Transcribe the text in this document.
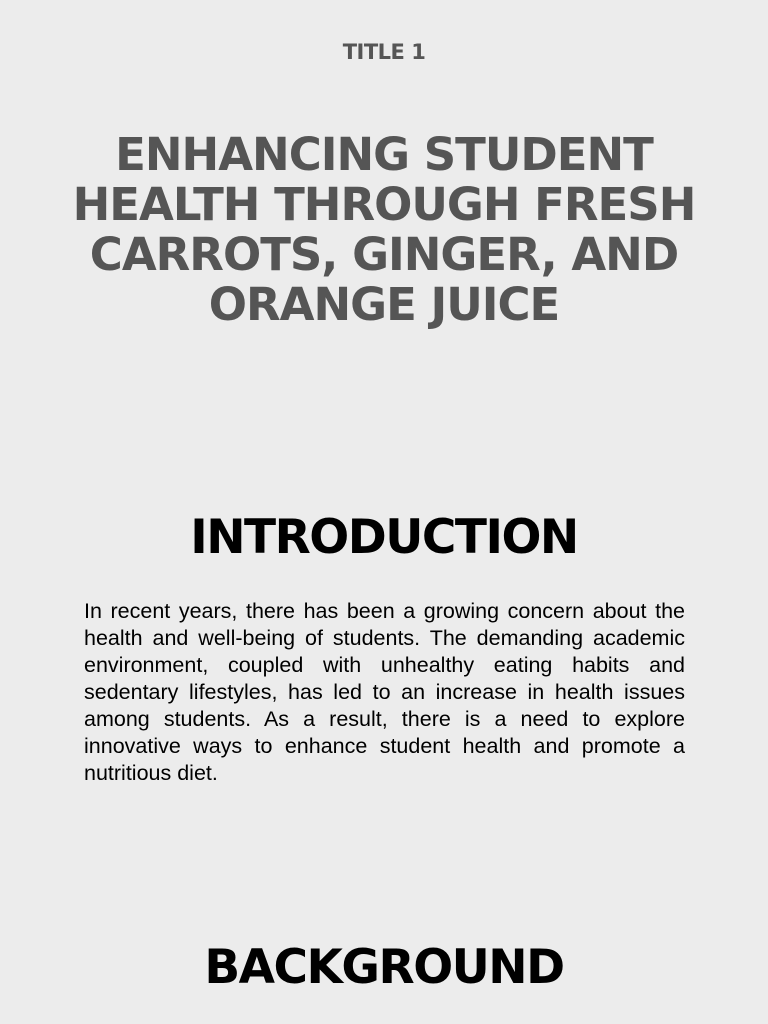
TITLE 1
ENHANCING STUDENT HEALTH THROUGH FRESH CARROTS, GINGER, AND ORANGE JUICE
INTRODUCTION

In recent years, there has been a growing concern about the health and well-being of students. The demanding academic environment, coupled with unhealthy eating habits and sedentary lifestyles, has led to an increase in health issues among students. As a result, there is a need to explore innovative ways to enhance student health and promote a nutritious diet.

BACKGROUND
